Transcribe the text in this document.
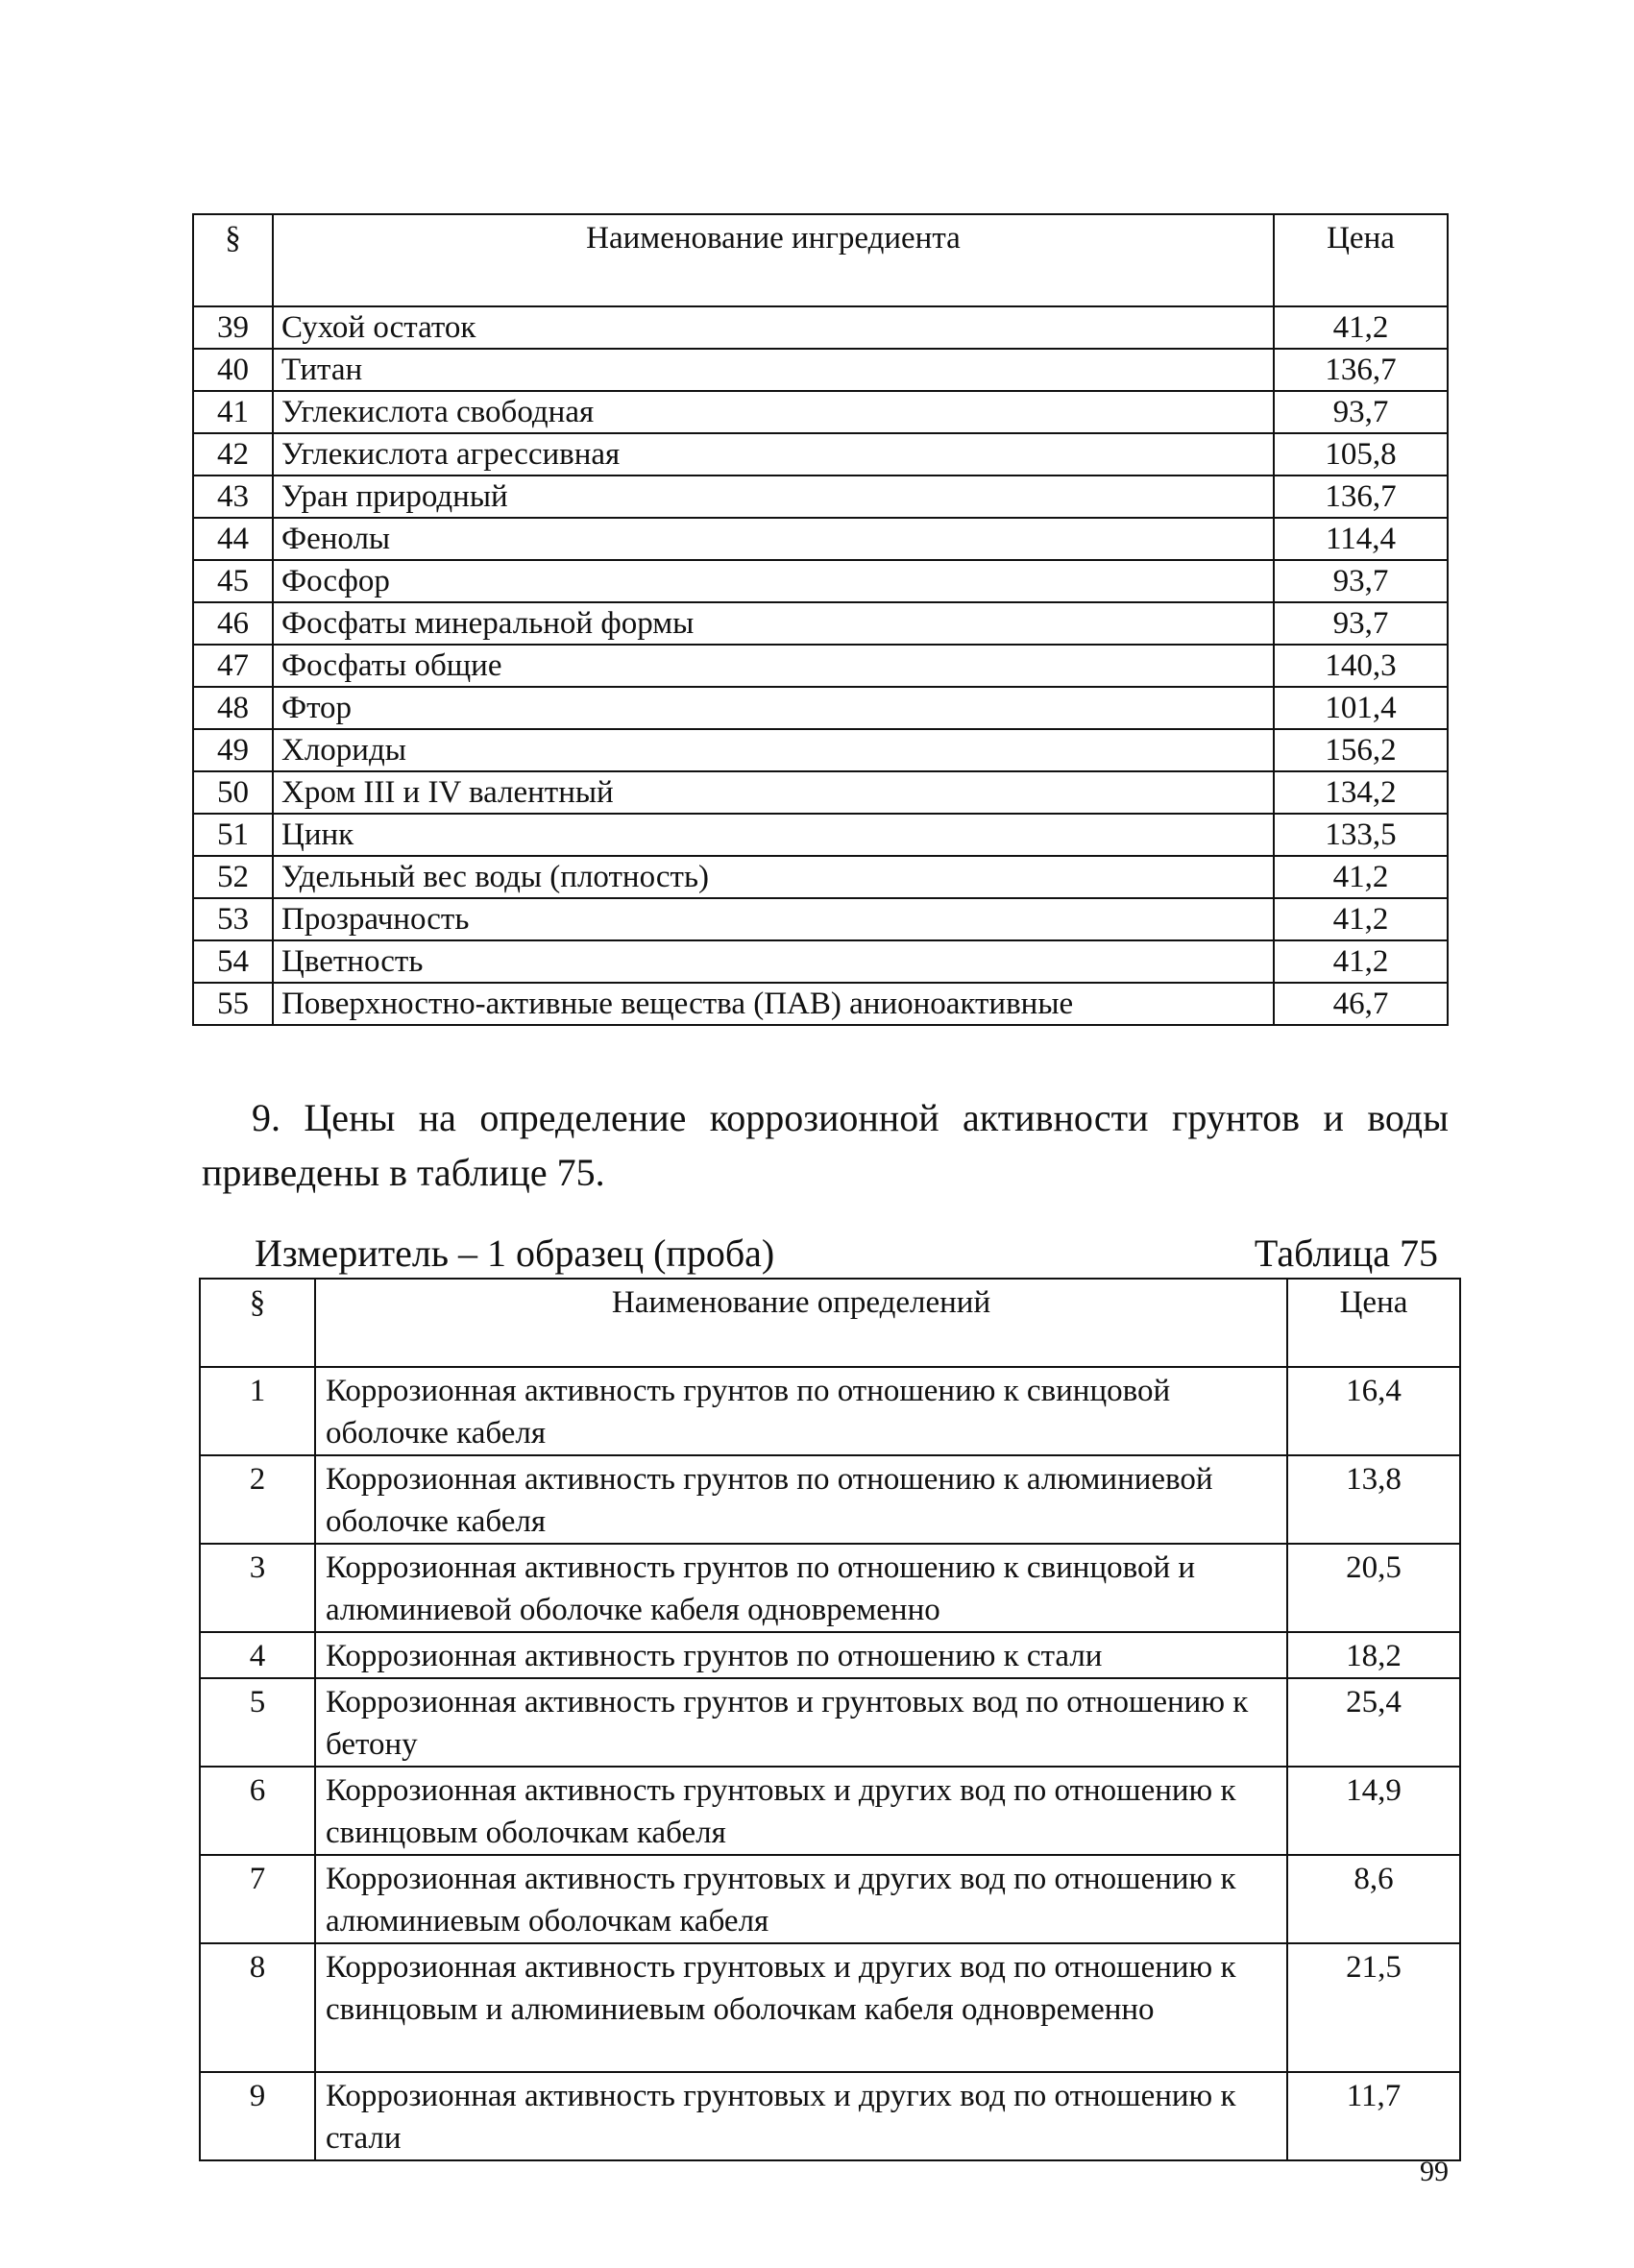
§	Наименование ингредиента	Цена
39	Сухой остаток	41,2
40	Титан	136,7
41	Углекислота свободная	93,7
42	Углекислота агрессивная	105,8
43	Уран природный	136,7
44	Фенолы	114,4
45	Фосфор	93,7
46	Фосфаты минеральной формы	93,7
47	Фосфаты общие	140,3
48	Фтор	101,4
49	Хлориды	156,2
50	Хром III и IV валентный	134,2
51	Цинк	133,5
52	Удельный вес воды (плотность)	41,2
53	Прозрачность	41,2
54	Цветность	41,2
55	Поверхностно-активные вещества (ПАВ) анионоактивные	46,7

9. Цены на определение коррозионной активности грунтов и воды приведены в таблице 75.

Измеритель – 1 образец (проба)	Таблица 75
§	Наименование определений	Цена
1	Коррозионная активность грунтов по отношению к свинцовой оболочке кабеля	16,4
2	Коррозионная активность грунтов по отношению к алюминиевой оболочке кабеля	13,8
3	Коррозионная активность грунтов по отношению к свинцовой и алюминиевой оболочке кабеля одновременно	20,5
4	Коррозионная активность грунтов по отношению к стали	18,2
5	Коррозионная активность грунтов и грунтовых вод по отношению к бетону	25,4
6	Коррозионная активность грунтовых и других вод по отношению к свинцовым оболочкам кабеля	14,9
7	Коррозионная активность грунтовых и других вод по отношению к алюминиевым оболочкам кабеля	8,6
8	Коррозионная активность грунтовых и других вод по отношению к свинцовым и алюминиевым оболочкам кабеля одновременно	21,5
9	Коррозионная активность грунтовых и других вод по отношению к стали	11,7
99
